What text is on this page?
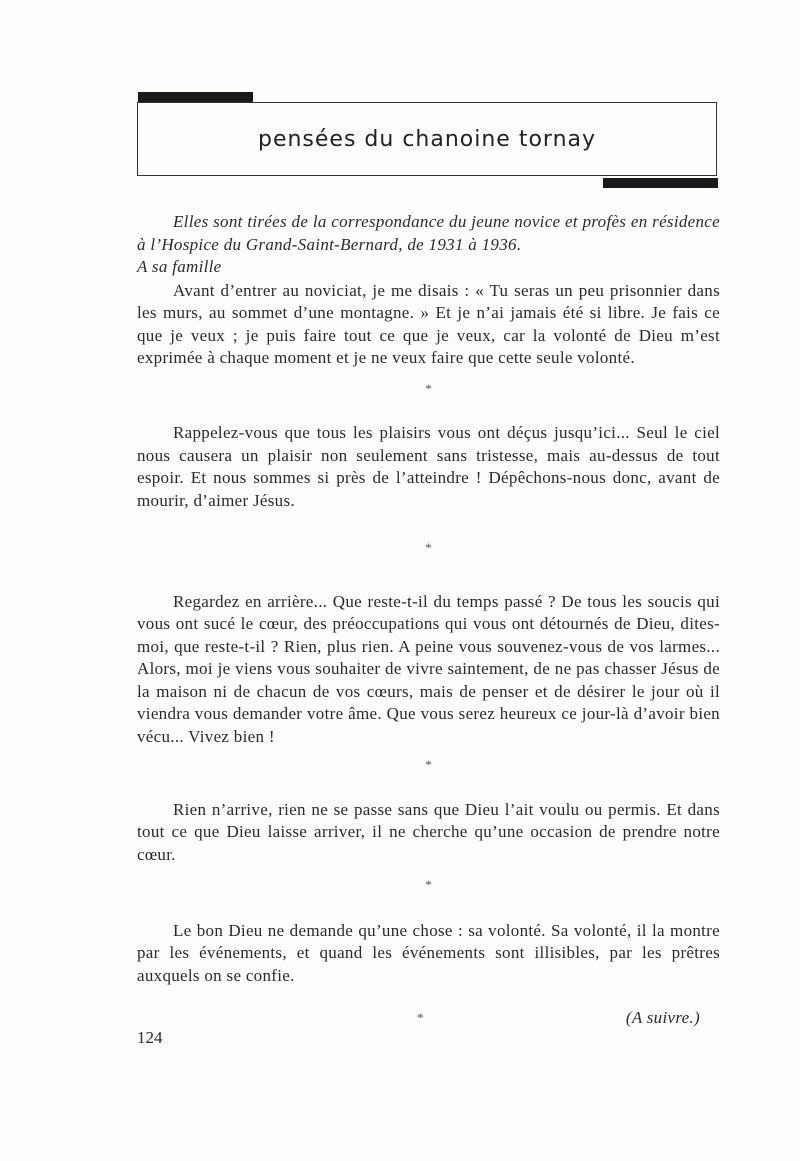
pensées du chanoine tornay

Elles sont tirées de la correspondance du jeune novice et profès en résidence à l’Hospice du Grand-Saint-Bernard, de 1931 à 1936.

A sa famille

Avant d’entrer au noviciat, je me disais : « Tu seras un peu prisonnier dans les murs, au sommet d’une montagne. » Et je n’ai jamais été si libre. Je fais ce que je veux ; je puis faire tout ce que je veux, car la volonté de Dieu m’est exprimée à chaque moment et je ne veux faire que cette seule volonté.

*

Rappelez-vous que tous les plaisirs vous ont déçus jusqu’ici... Seul le ciel nous causera un plaisir non seulement sans tristesse, mais au-dessus de tout espoir. Et nous sommes si près de l’atteindre ! Dépêchons-nous donc, avant de mourir, d’aimer Jésus.

*

Regardez en arrière... Que reste-t-il du temps passé ? De tous les soucis qui vous ont sucé le cœur, des préoccupations qui vous ont détournés de Dieu, dites-moi, que reste-t-il ? Rien, plus rien. A peine vous souvenez-vous de vos larmes... Alors, moi je viens vous souhaiter de vivre saintement, de ne pas chasser Jésus de la maison ni de chacun de vos cœurs, mais de penser et de désirer le jour où il viendra vous demander votre âme. Que vous serez heureux ce jour-là d’avoir bien vécu... Vivez bien !

*

Rien n’arrive, rien ne se passe sans que Dieu l’ait voulu ou permis. Et dans tout ce que Dieu laisse arriver, il ne cherche qu’une occasion de prendre notre cœur.

*

Le bon Dieu ne demande qu’une chose : sa volonté. Sa volonté, il la montre par les événements, et quand les événements sont illisibles, par les prêtres auxquels on se confie.

*	(A suivre.)
124
